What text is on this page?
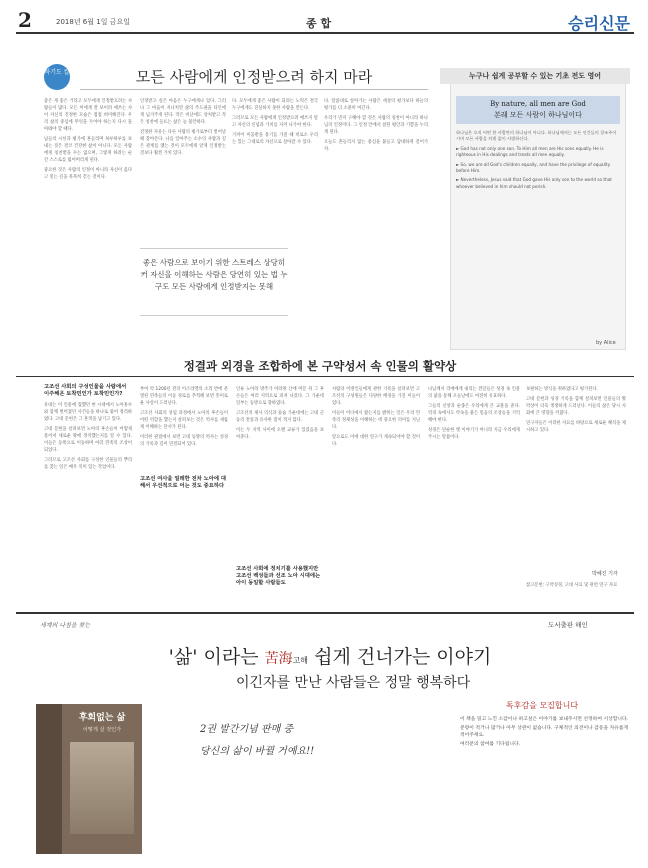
2	2018년 6월 1일 금요일	종 합	승리신문
하기도 칼	모든 사람에게 인정받으려 하지 마라

좋은 게 좋은 거라고 모두에게 인정받으려는 사람들이 많다. 모든 이에게 잘 보이려 애쓰는 사이 자신의 진정한 모습은 점점 희미해진다. 우리 삶의 중심에 무엇을 두어야 하는지 다시 돌아봐야 할 때다.

남들의 시선과 평가에 흔들리며 하루하루를 보내는 것은 결코 건강한 삶이 아니다. 모든 사람에게 칭찬받을 수는 없으며, 그렇게 하려는 순간 스스로를 잃어버리게 된다.

중요한 것은 사람의 인정이 아니라 자신이 옳다고 믿는 길을 묵묵히 걷는 것이다.

인정받고 싶은 마음은 누구에게나 있다. 그러나 그 마음이 지나치면 삶의 주도권을 타인에게 넘겨주게 된다. 작은 비난에도 상처받고 작은 칭찬에 들뜨는 삶은 늘 불안하다.

진정한 자유는 다른 사람의 평가로부터 벗어날 때 찾아온다. 나를 알아주는 소수의 사람과 깊은 관계를 맺는 것이 모두에게 얕게 인정받는 것보다 훨씬 가치 있다.

다. 모두에게 좋은 사람이 되려는 노력은 결국 누구에게도 진실하지 못한 사람을 만든다.

그러므로 모든 사람에게 인정받으려 애쓰지 말고 자신의 신념과 가치를 지켜 나가야 한다.

기꺼이 미움받을 용기를 가질 때 비로소 우리는 있는 그대로의 자신으로 살아갈 수 있다.

다. 말씀대로 살아가는 사람은 세상의 평가보다 하늘의 평가를 더 소중히 여긴다.

우리가 먼저 구해야 할 것은 사람의 칭찬이 아니라 하나님의 인정이다. 그 인정 안에서 참된 평안과 기쁨을 누리게 된다.

오늘도 흔들리지 않는 중심을 붙들고 담대하게 걸어가자.

좋은 사람으로 보이기 위한 스트레스 상당히 커 자신을 이해하는 사람은 당연히 있는 법 누구도 모든 사람에게 인정받지는 못해
누구나 쉽게 공부할 수 있는 기초 전도 영어
By nature, all men are God
본래 모든 사람이 하나님이다

하나님은 오직 어떤 한 사람만의 하나님이 아니다. 하나님께서는 모든 인간들의 창조주이시며 모든 사람을 차별 없이 사랑하신다.

► God has not only one son. To Him all men are His sons equally. He is righteous in His dealings and treats all men equally.

► So, we are all God's children equally, and have the privilege of equality before Him.

► Nevertheless, Jesus said that God gave His only son to the world so that whoever believed in him should not perish.

by Alice
정결과 외경을 조합하에 본 구약성서 속 인물의 활약상
고조선 사회의 구성인물을 사람에서 이주해온 토착민인가 토착민인가?

유대는 이 인물에 접했던 한 시대에서 노아홍수와 함께 벌어졌던 사건들을 하나로 묶어 정리하였다. 고대 문헌은 그 흔적을 남기고 있다.

고대 문헌을 살펴보면 노아의 후손들이 어떻게 흩어져 새로운 땅에 정착했는지를 알 수 있다. 이들은 동쪽으로 이동하며 여러 민족의 조상이 되었다.

그러므로 고조선 사회를 구성한 인물들의 뿌리를 찾는 일은 매우 의미 있는 작업이다.

부여 약 1200년 전의 이스라엘의 소리 반에 분열된 민족들의 이동 경로를 추적해 보면 흥미로운 사실이 드러난다.

고조선 사회의 성립 과정에서 노아의 후손들이 어떤 역할을 했는지 살펴보는 것은 역사를 새롭게 이해하는 단서가 된다.

이러한 관점에서 보면 고대 동방의 역사는 성경의 기록과 깊이 연결되어 있다.

고조선 여사울 얼레한 전차 노아에 대해서 우선적으로 어는 것도 중요하다

인류 노아의 방주가 아라랏 산에 머문 뒤 그 후손들은 여러 지역으로 퍼져 나갔다. 그 가운데 일부는 동방으로 향하였다.

고조선의 제사 의식과 풍습 가운데에는 고대 근동의 전통과 유사한 점이 적지 않다.

이는 두 지역 사이에 오랜 교류가 있었음을 보여준다.

고조선 사회에 정치기를 사용했지만 고조선 백성들과 선조 노아 시대에는 아이 동일할 사람들도

사람과 이방인들에게 관한 기록을 살펴보면 고조선의 구성원들은 다양한 배경을 가진 이들이었다.

이들이 어디에서 왔는지를 밝히는 일은 우리 민족의 정체성을 이해하는 데 중요한 의미를 지닌다.

앞으로도 이에 대한 연구가 계속되어야 할 것이다.

나님께서 리에에게 내리는 전달들은 성경 속 인물의 삶을 통해 오늘날에도 여전히 유효하다.

그들의 신앙과 순종은 우리에게 큰 교훈을 준다. 역경 속에서도 약속을 붙든 믿음의 조상들을 기억해야 한다.

성경은 단순한 옛 이야기가 아니라 지금 우리에게 주시는 말씀이다.

보편하는 방식을 취하였다고 평가된다.

고대 문헌과 성경 기록을 함께 살펴보면 인물들의 활약상이 더욱 생생하게 드러난다. 이들의 삶은 당시 사회에 큰 영향을 끼쳤다.

연구자들은 이러한 자료를 바탕으로 새로운 해석을 제시하고 있다.

박혜진 기자

참고문헌: 구약성경, 고대 사료 및 관련 연구 자료

세계의 나침을 찾는	도서출판 해인
'삶' 이라는 苦海고해 쉽게 건너가는 이야기
이긴자를 만난 사람들은 정말 행복하다
후회없는 삶
어떻게 살 것인가	2권 발간기념 판매 중
당신의 삶이 바뀔 거예요!!
독후감을 모집합니다

이 책을 읽고 느낀 소감이나 하고싶은 이야기를 보내주시면 선정하여 시상합니다.

분량이 적거나 많거나 아무 상관이 없습니다. 구체적인 의견이나 감동을 자유롭게 적어주세요.

여러분의 참여를 기다립니다.
